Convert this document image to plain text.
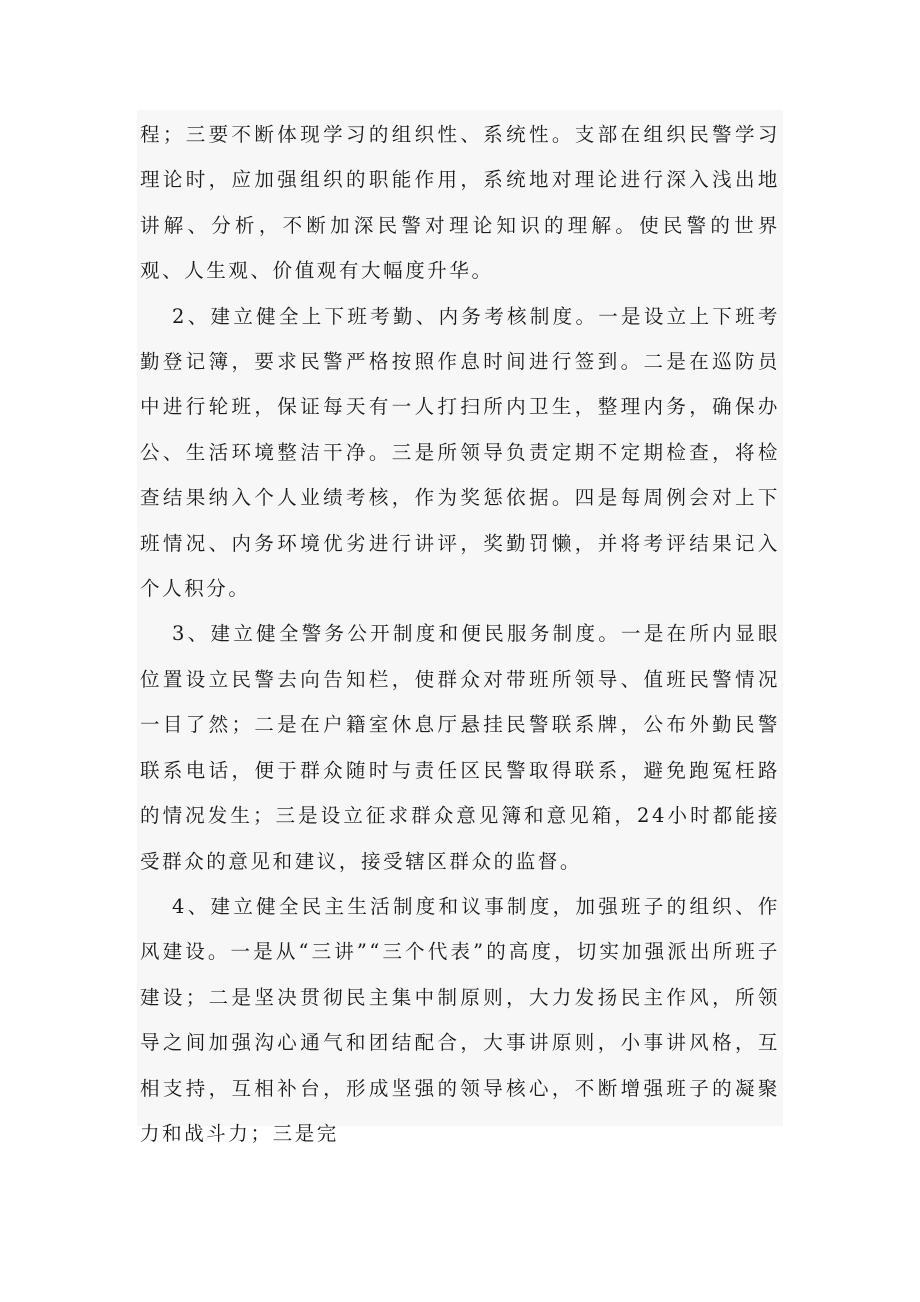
程；三要不断体现学习的组织性、系统性。支部在组织民警学习理论时，应加强组织的职能作用，系统地对理论进行深入浅出地讲解、分析，不断加深民警对理论知识的理解。使民警的世界观、人生观、价值观有大幅度升华。

2、建立健全上下班考勤、内务考核制度。一是设立上下班考勤登记簿，要求民警严格按照作息时间进行签到。二是在巡防员中进行轮班，保证每天有一人打扫所内卫生，整理内务，确保办公、生活环境整洁干净。三是所领导负责定期不定期检查，将检查结果纳入个人业绩考核，作为奖惩依据。四是每周例会对上下班情况、内务环境优劣进行讲评，奖勤罚懒，并将考评结果记入个人积分。

3、建立健全警务公开制度和便民服务制度。一是在所内显眼位置设立民警去向告知栏，使群众对带班所领导、值班民警情况一目了然；二是在户籍室休息厅悬挂民警联系牌，公布外勤民警联系电话，便于群众随时与责任区民警取得联系，避免跑冤枉路的情况发生；三是设立征求群众意见簿和意见箱，24小时都能接受群众的意见和建议，接受辖区群众的监督。

4、建立健全民主生活制度和议事制度，加强班子的组织、作风建设。一是从“三讲”“三个代表”的高度，切实加强派出所班子建设；二是坚决贯彻民主集中制原则，大力发扬民主作风，所领导之间加强沟心通气和团结配合，大事讲原则，小事讲风格，互相支持，互相补台，形成坚强的领导核心，不断增强班子的凝聚力和战斗力；三是完
